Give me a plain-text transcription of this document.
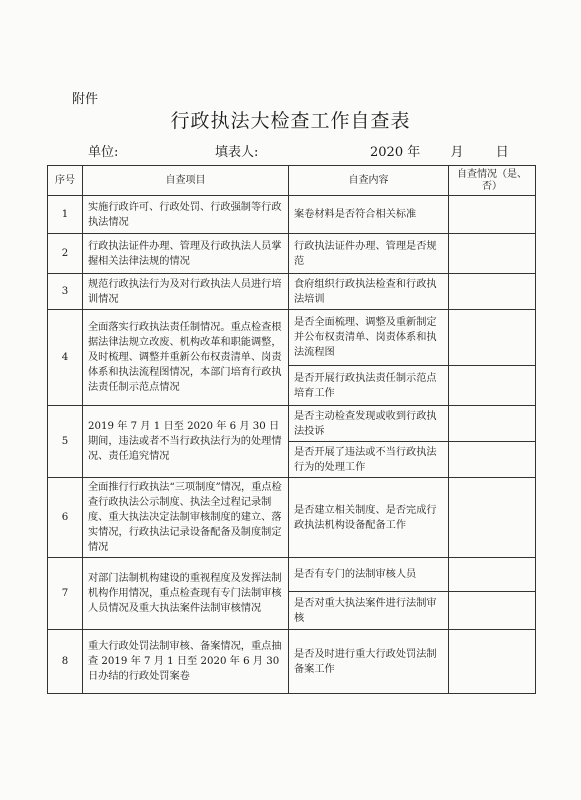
附件
行政执法大检查工作自查表
单位:	填表人:	2020 年 月 日
序号	自查项目	自查内容	自查情况（是、否）
1	实施行政许可、行政处罚、行政强制等行政执法情况	案卷材料是否符合相关标准	
2	行政执法证件办理、管理及行政执法人员掌握相关法律法规的情况	行政执法证件办理、管理是否规范	
3	规范行政执法行为及对行政执法人员进行培训情况	食府组织行政执法检查和行政执法培训	
4	全面落实行政执法责任制情况。重点检查根据法律法规立改废、机构改革和职能调整，及时梳理、调整并重新公布权责清单、岗责体系和执法流程图情况，本部门培育行政执法责任制示范点情况	是否全面梳理、调整及重新制定并公布权责清单、岗责体系和执法流程图	
		是否开展行政执法责任制示范点培育工作	
5	2019 年 7 月 1 日至 2020 年 6 月 30 日期间，违法或者不当行政执法行为的处理情况、责任追究情况	是否主动检查发现或收到行政执法投诉	
		是否开展了违法或不当行政执法行为的处理工作	
6	全面推行行政执法“三项制度”情况，重点检查行政执法公示制度、执法全过程记录制度、重大执法决定法制审核制度的建立、落实情况，行政执法记录设备配备及制度制定情况	是否建立相关制度、是否完成行政执法机构设备配备工作	
7	对部门法制机构建设的重视程度及发挥法制机构作用情况，重点检查现有专门法制审核人员情况及重大执法案件法制审核情况	是否有专门的法制审核人员	
		是否对重大执法案件进行法制审核	
8	重大行政处罚法制审核、备案情况，重点抽查 2019 年 7 月 1 日至 2020 年 6 月 30 日办结的行政处罚案卷	是否及时进行重大行政处罚法制备案工作	
